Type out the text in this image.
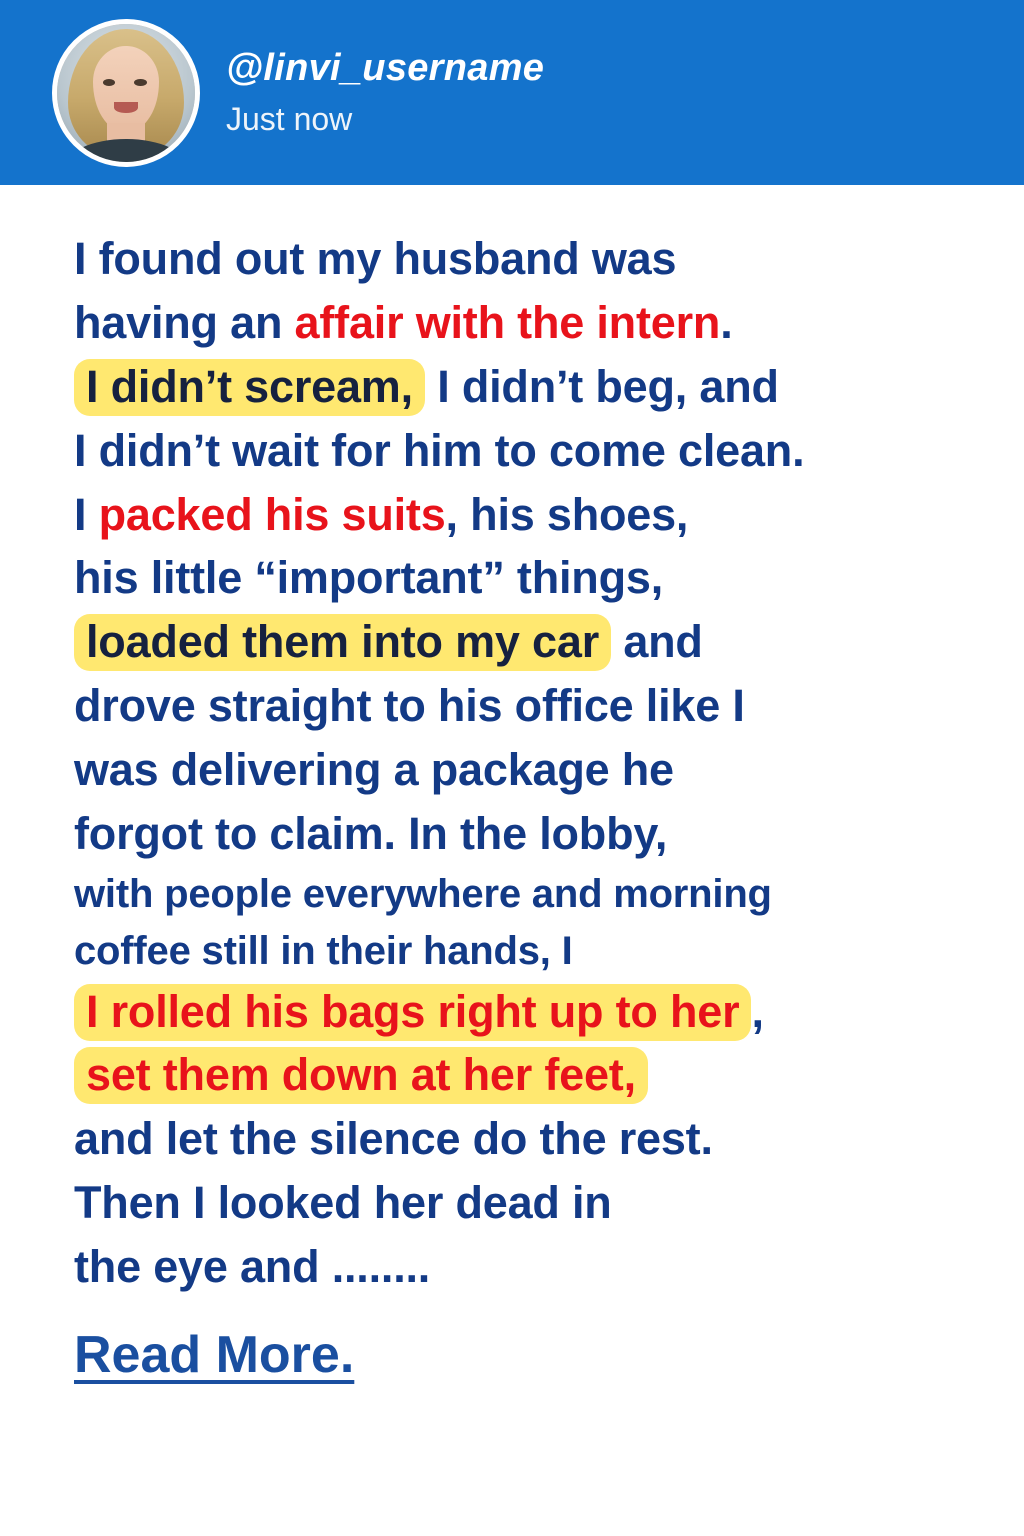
@linvi_username
Just now
I found out my husband was
having an affair with the intern.
I didn’t scream, I didn’t beg, and
I didn’t wait for him to come clean.
I packed his suits, his shoes,
his little “important” things,
loaded them into my car and
drove straight to his office like I
was delivering a package he
forgot to claim. In the lobby,
with people everywhere and morning
coffee still in their hands, I
I rolled his bags right up to her ,
set them down at her feet,
and let the silence do the rest.
Then I looked her dead in
the eye and ........
Read More.
